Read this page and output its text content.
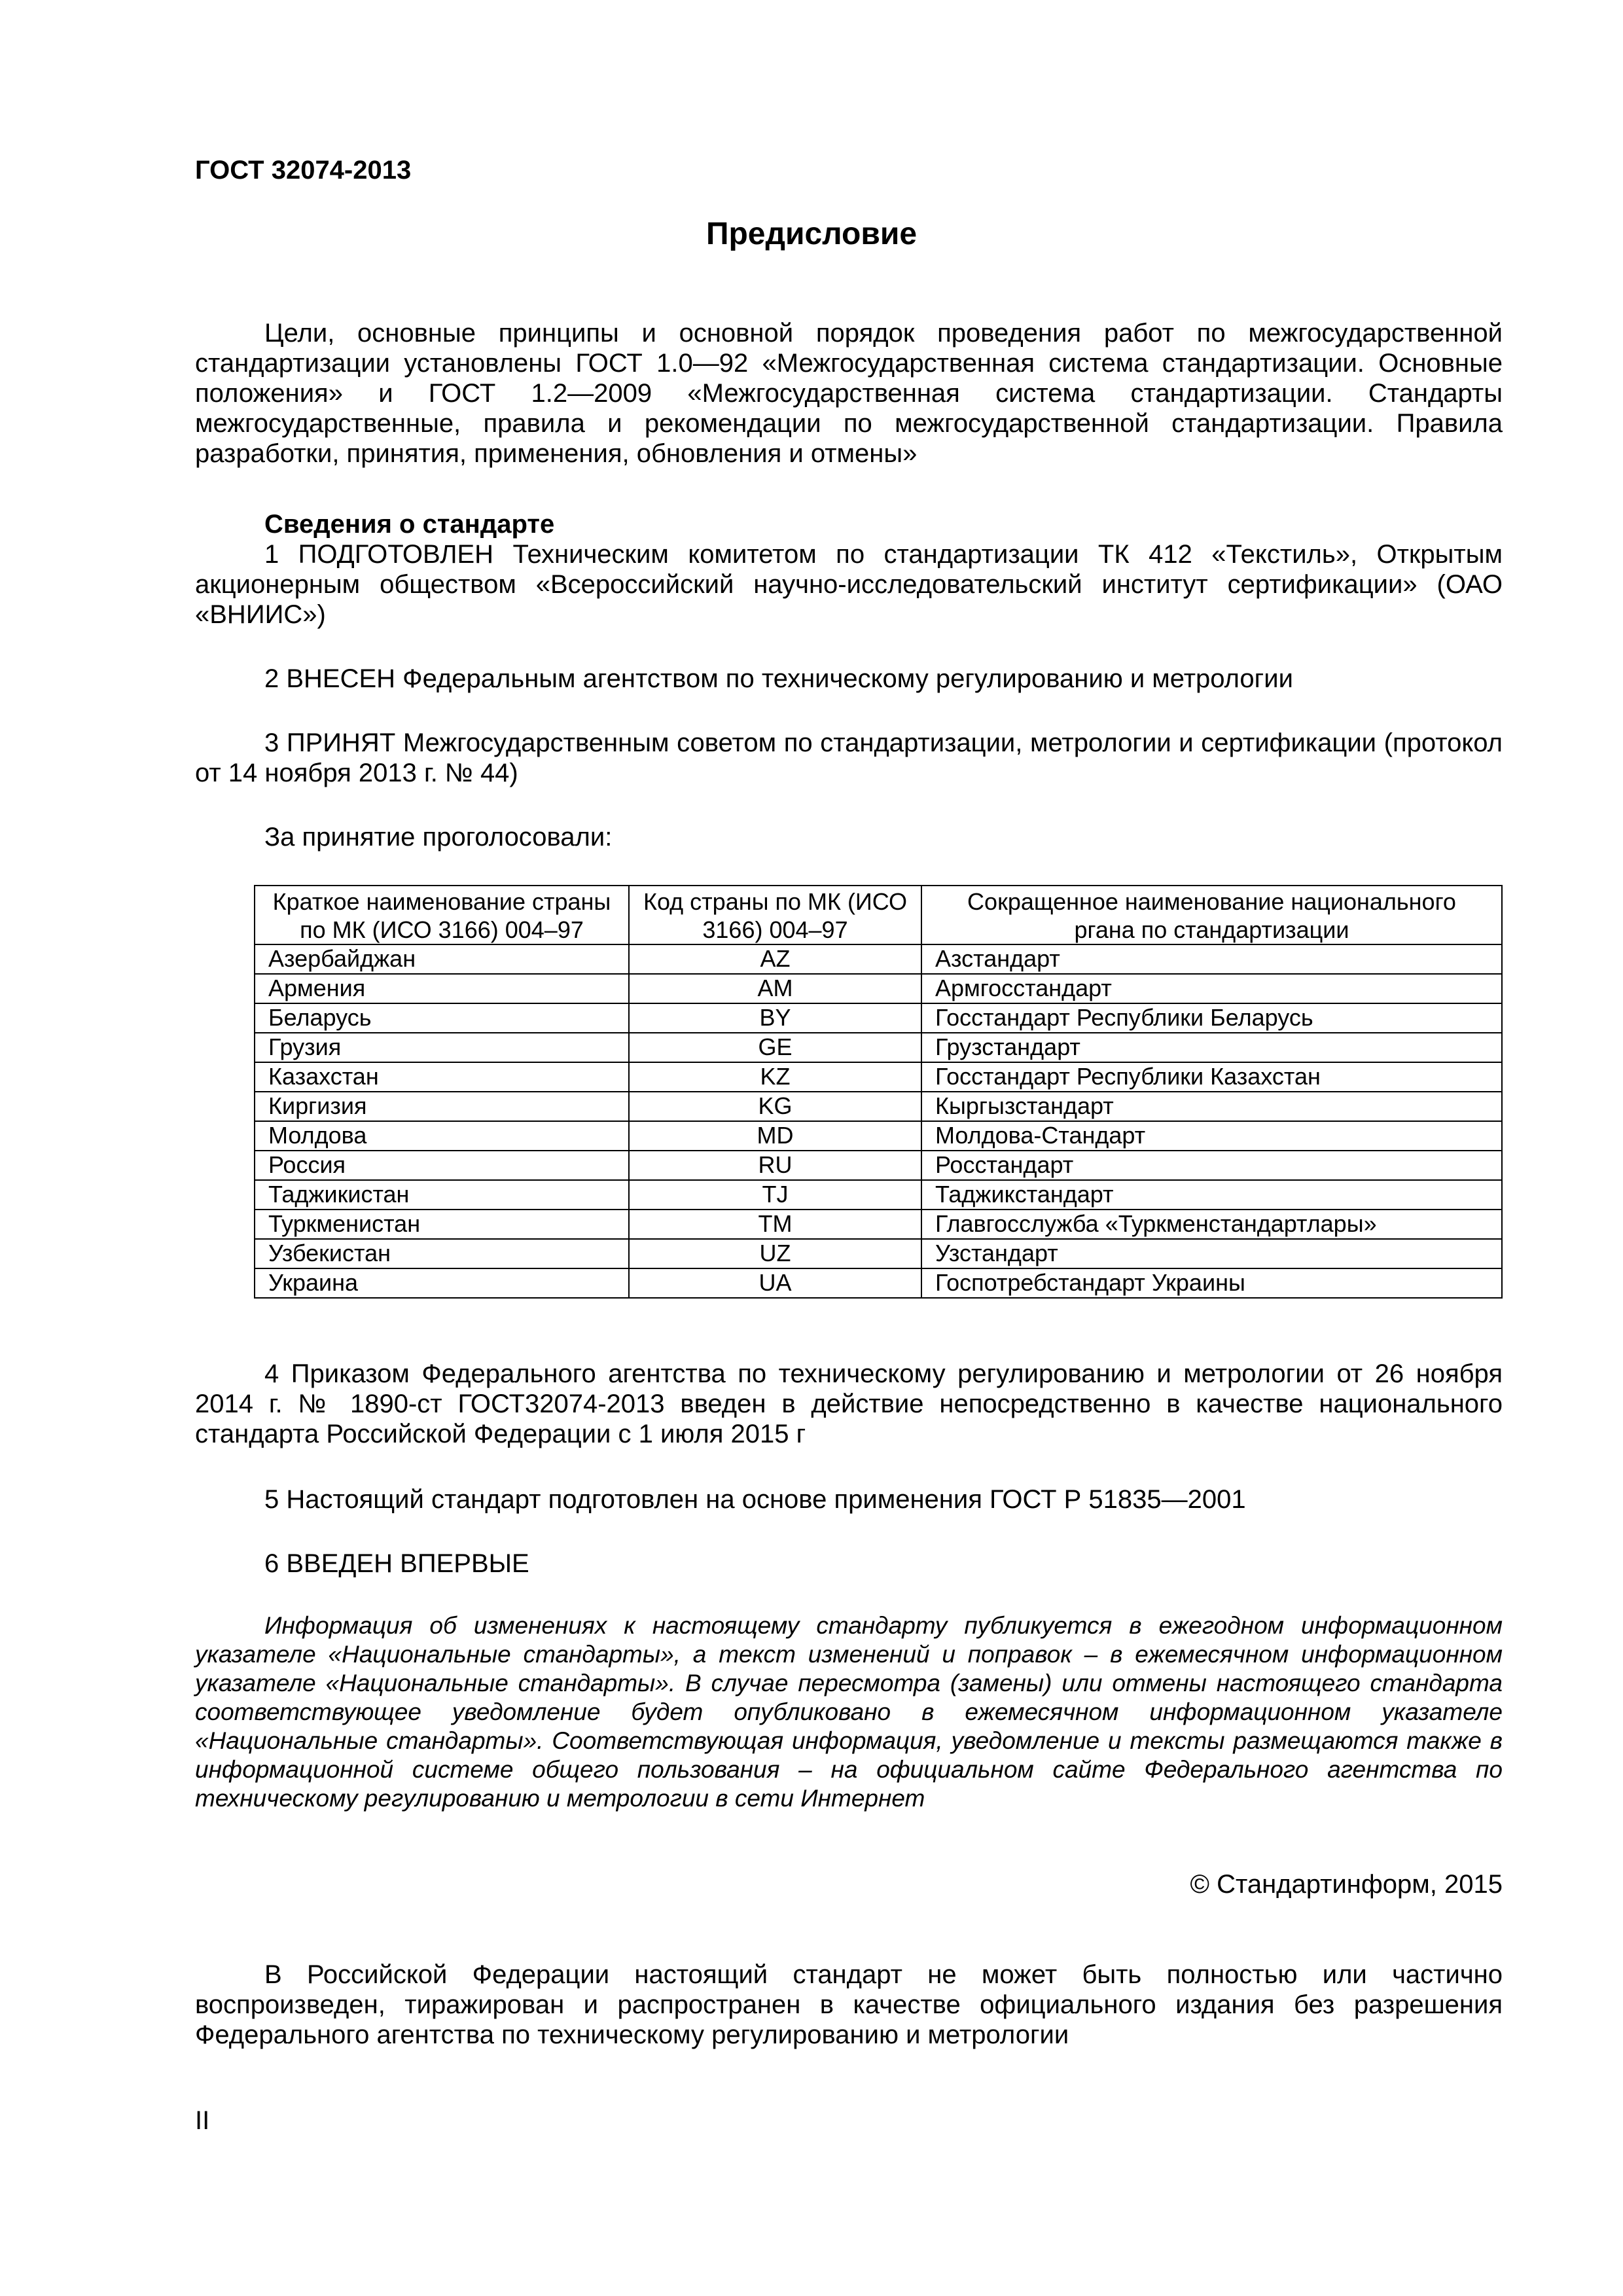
ГОСТ 32074-2013
Предисловие
Цели, основные принципы и основной порядок проведения работ по межгосударственной стандартизации установлены ГОСТ 1.0—92 «Межгосударственная система стандартизации. Основные положения» и ГОСТ 1.2—2009 «Межгосударственная система стандартизации. Стандарты межгосударственные, правила и рекомендации по межгосударственной стандартизации. Правила разработки, принятия, применения, обновления и отмены»
Сведения о стандарте
1 ПОДГОТОВЛЕН Техническим комитетом по стандартизации ТК 412 «Текстиль», Открытым акционерным обществом «Всероссийский научно-исследовательский институт сертификации» (ОАО «ВНИИС»)
2 ВНЕСЕН Федеральным агентством по техническому регулированию и метрологии
3 ПРИНЯТ Межгосударственным советом по стандартизации, метрологии и сертификации (протокол от 14 ноября 2013 г. № 44)
За принятие проголосовали:
Краткое наименование страны по МК (ИСО 3166) 004–97	Код страны по МК (ИСО 3166) 004–97	Сокращенное наименование национального ргана по стандартизации
Азербайджан	AZ	Азстандарт
Армения	AM	Армгосстандарт
Беларусь	BY	Госстандарт Республики Беларусь
Грузия	GE	Грузстандарт
Казахстан	KZ	Госстандарт Республики Казахстан
Киргизия	KG	Кыргызстандарт
Молдова	MD	Молдова-Стандарт
Россия	RU	Росстандарт
Таджикистан	TJ	Таджикстандарт
Туркменистан	TM	Главгосслужба «Туркменстандартлары»
Узбекистан	UZ	Узстандарт
Украина	UA	Госпотребстандарт Украины
4 Приказом Федерального агентства по техническому регулированию и метрологии от 26 ноября 2014 г. № 1890-ст ГОСТ32074-2013 введен в действие непосредственно в качестве национального стандарта Российской Федерации с 1 июля 2015 г
5 Настоящий стандарт подготовлен на основе применения ГОСТ Р 51835—2001
6 ВВЕДЕН ВПЕРВЫЕ
Информация об изменениях к настоящему стандарту публикуется в ежегодном информационном указателе «Национальные стандарты», а текст изменений и поправок – в ежемесячном информационном указателе «Национальные стандарты». В случае пересмотра (замены) или отмены настоящего стандарта соответствующее уведомление будет опубликовано в ежемесячном информационном указателе «Национальные стандарты». Соответствующая информация, уведомление и тексты размещаются также в информационной системе общего пользования – на официальном сайте Федерального агентства по техническому регулированию и метрологии в сети Интернет
© Стандартинформ, 2015
В Российской Федерации настоящий стандарт не может быть полностью или частично воспроизведен, тиражирован и распространен в качестве официального издания без разрешения Федерального агентства по техническому регулированию и метрологии
II
